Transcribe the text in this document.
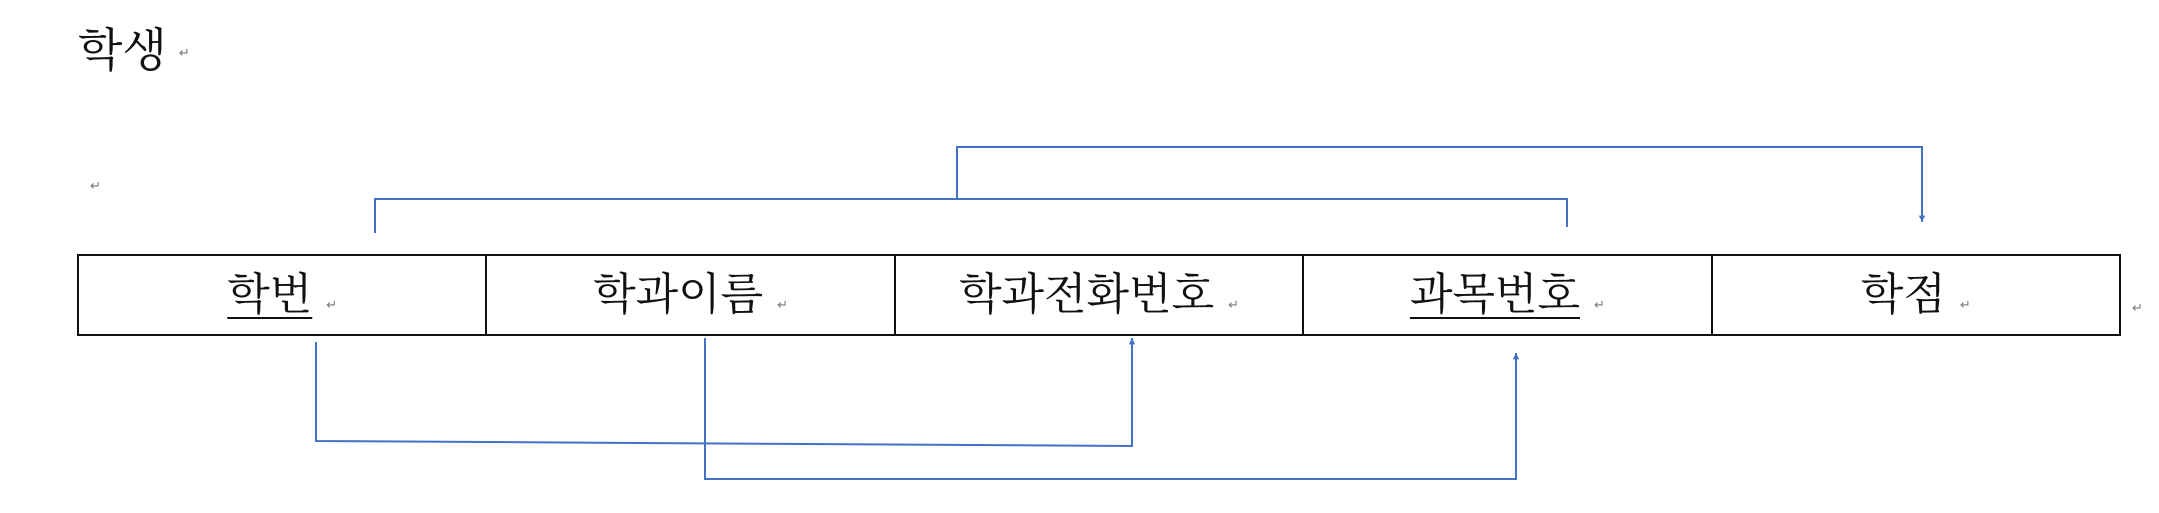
학생 ↵
↵
학번 ↵	학과이름 ↵	학과전화번호 ↵	과목번호 ↵	학점 ↵	↵
